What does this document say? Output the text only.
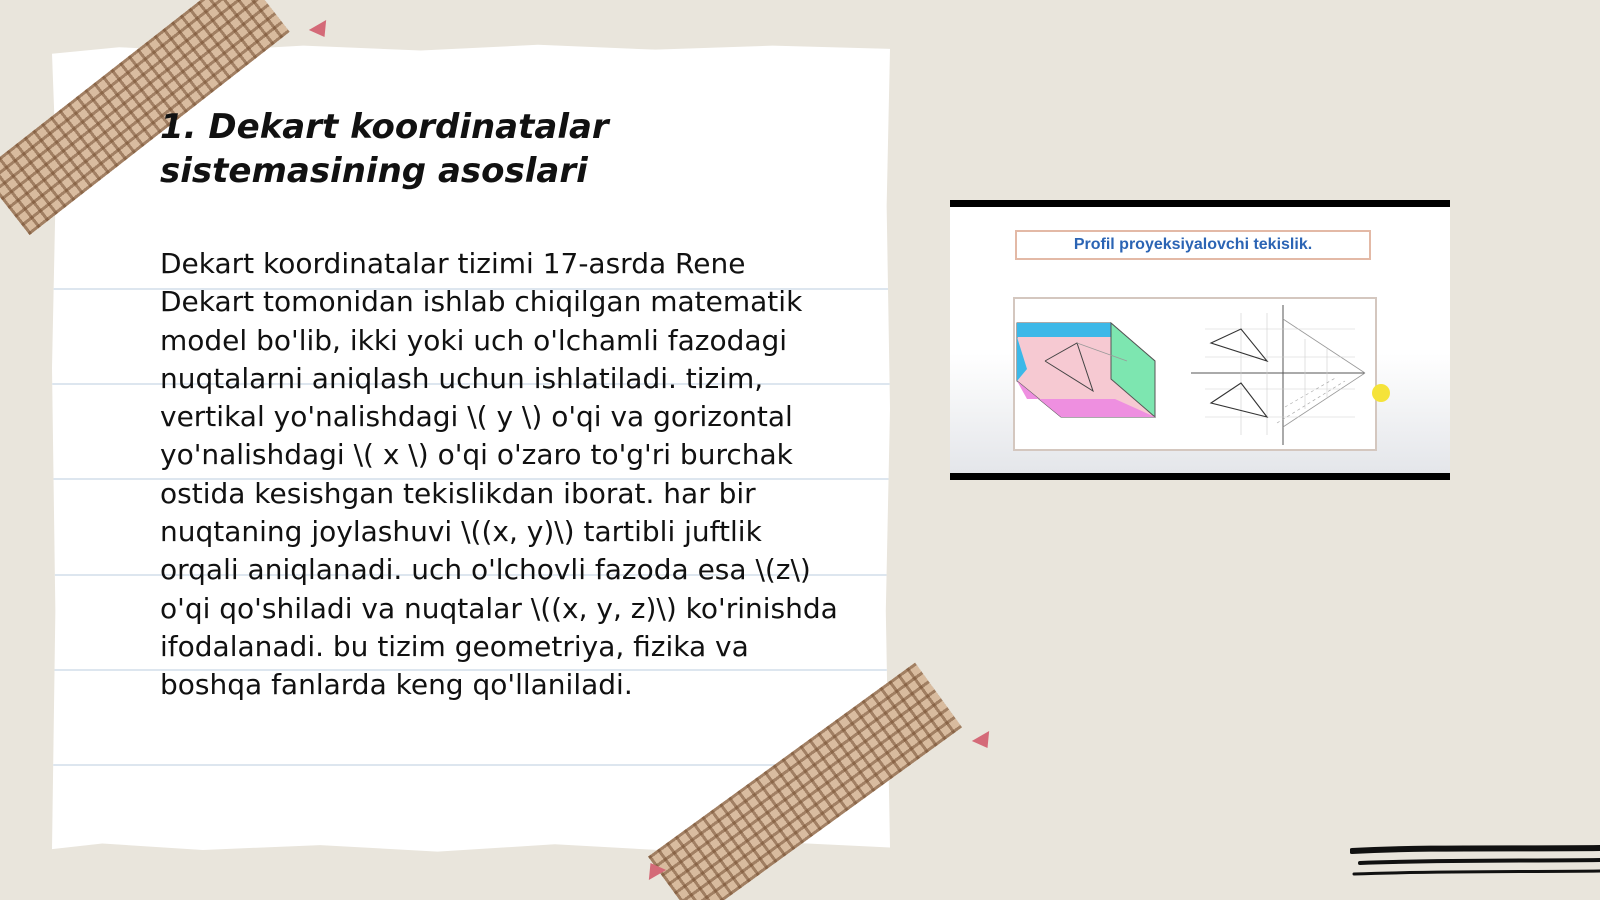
1. Dekart koordinatalar sistemasining asoslari

Dekart koordinatalar tizimi 17-asrda Rene Dekart tomonidan ishlab chiqilgan matematik model bo'lib, ikki yoki uch o'lchamli fazodagi nuqtalarni aniqlash uchun ishlatiladi. tizim, vertikal yo'nalishdagi \( y \) o'qi va gorizontal yo'nalishdagi \( x \) o'qi o'zaro to'g'ri burchak ostida kesishgan tekislikdan iborat. har bir nuqtaning joylashuvi \((x, y)\) tartibli juftlik orqali aniqlanadi. uch o'lchovli fazoda esa \(z\) o'qi qo'shiladi va nuqtalar \((x, y, z)\) ko'rinishda ifodalanadi. bu tizim geometriya, fizika va boshqa fanlarda keng qo'llaniladi.

Profil proyeksiyalovchi tekislik.
